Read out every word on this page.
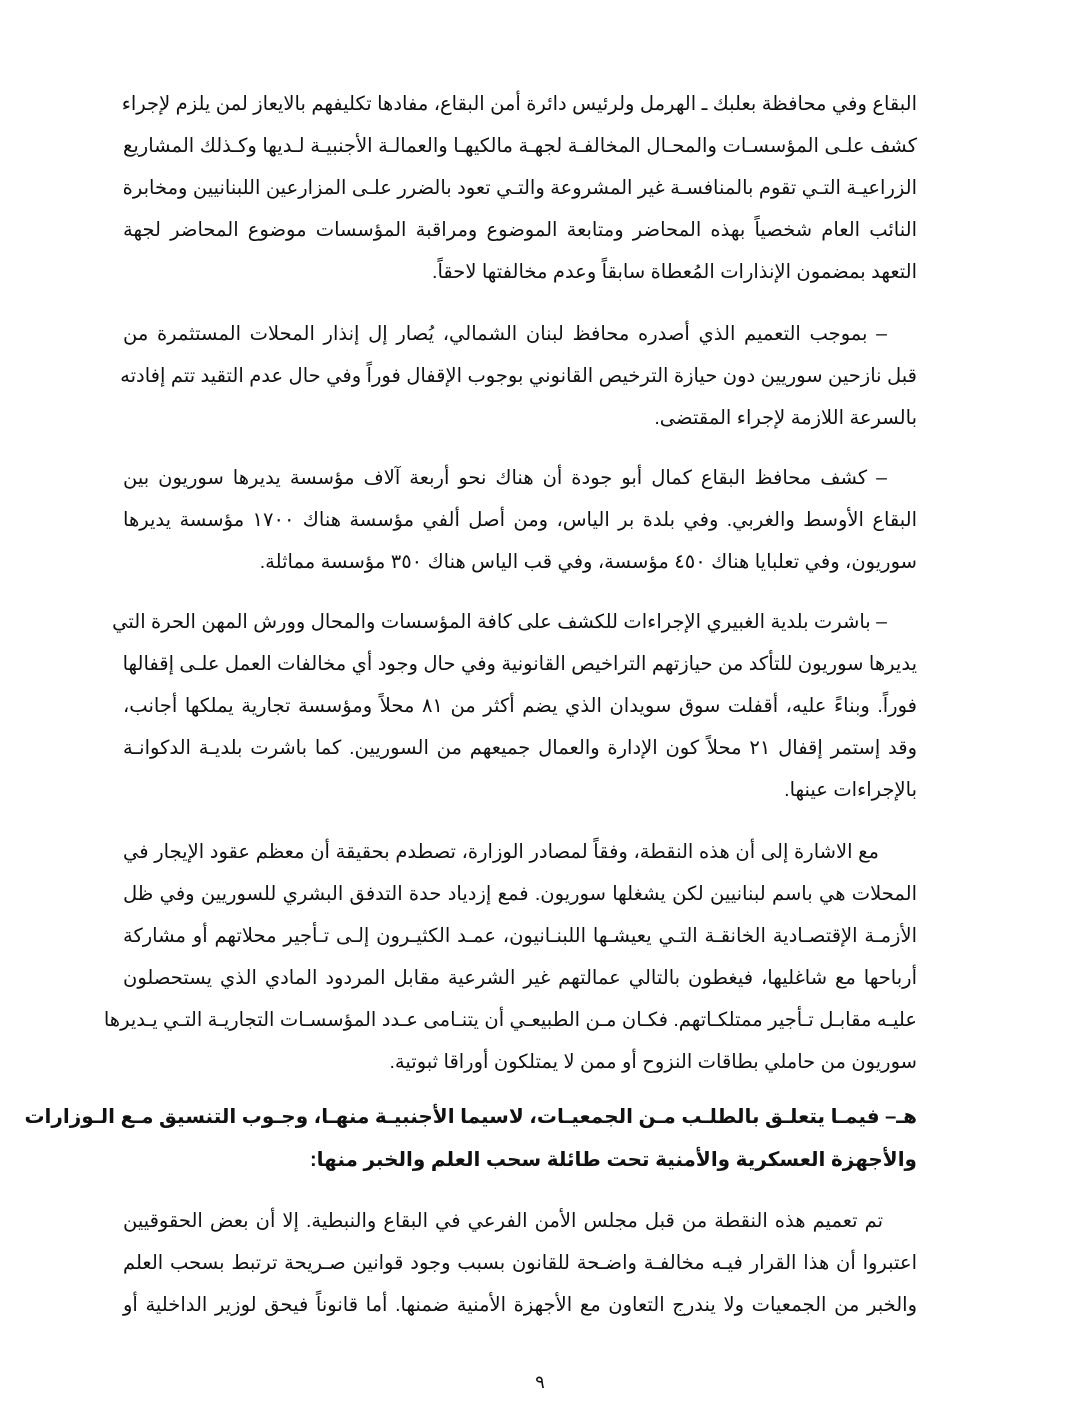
البقاع وفي محافظة بعلبك ـ الهرمل ولرئيس دائرة أمن البقاع، مفادها تكليفهم بالايعاز لمن يلزم لإجراء
كشف علـى المؤسسـات والمحـال المخالفـة لجهـة مالكيهـا والعمالـة الأجنبيـة لـديها وكـذلك المشاريع
الزراعيـة التـي تقوم بالمنافسـة غير المشروعة والتـي تعود بالضرر علـى المزارعين اللبنانيين ومخابرة
النائب العام شخصياً بهذه المحاضر ومتابعة الموضوع ومراقبة المؤسسات موضوع المحاضر لجهة
التعهد بمضمون الإنذارات المُعطاة سابقاً وعدم مخالفتها لاحقاً.
– بموجب التعميم الذي أصدره محافظ لبنان الشمالي، يُصار إل إنذار المحلات المستثمرة من
قبل نازحين سوريين دون حيازة الترخيص القانوني بوجوب الإقفال فوراً وفي حال عدم التقيد تتم إفادته
بالسرعة اللازمة لإجراء المقتضى.
– كشف محافظ البقاع كمال أبو جودة أن هناك نحو أربعة آلاف مؤسسة يديرها سوريون بين
البقاع الأوسط والغربي. وفي بلدة بر الياس، ومن أصل ألفي مؤسسة هناك ١٧٠٠ مؤسسة يديرها
سوريون، وفي تعلبايا هناك ٤٥٠ مؤسسة، وفي قب الياس هناك ٣٥٠ مؤسسة مماثلة.
– باشرت بلدية الغبيري الإجراءات للكشف على كافة المؤسسات والمحال وورش المهن الحرة التي
يديرها سوريون للتأكد من حيازتهم التراخيص القانونية وفي حال وجود أي مخالفات العمل علـى إقفالها
فوراً. وبناءً عليه، أقفلت سوق سويدان الذي يضم أكثر من ٨١ محلاً ومؤسسة تجارية يملكها أجانب،
وقد إستمر إقفال ٢١ محلاً كون الإدارة والعمال جميعهم من السوريين. كما باشرت بلديـة الدكوانـة
بالإجراءات عينها.
مع الاشارة إلى أن هذه النقطة، وفقاً لمصادر الوزارة، تصطدم بحقيقة أن معظم عقود الإيجار في
المحلات هي باسم لبنانيين لكن يشغلها سوريون. فمع إزدياد حدة التدفق البشري للسوريين وفي ظل
الأزمـة الإقتصـادية الخانقـة التـي يعيشـها اللبنـانيون، عمـد الكثيـرون إلـى تـأجير محلاتهم أو مشاركة
أرباحها مع شاغليها، فيغطون بالتالي عمالتهم غير الشرعية مقابل المردود المادي الذي يستحصلون
عليـه مقابـل تـأجير ممتلكـاتهم. فكـان مـن الطبيعـي أن يتنـامى عـدد المؤسسـات التجاريـة التـي يـديرها
سوريون من حاملي بطاقات النزوح أو ممن لا يمتلكون أوراقا ثبوتية.
هـ– فيمـا يتعلـق بالطلـب مـن الجمعيـات، لاسيما الأجنبيـة منهـا، وجـوب التنسيق مـع الـوزارات
والأجهزة العسكرية والأمنية تحت طائلة سحب العلم والخبر منها:
تم تعميم هذه النقطة من قبل مجلس الأمن الفرعي في البقاع والنبطية. إلا أن بعض الحقوقيين
اعتبروا أن هذا القرار فيـه مخالفـة واضـحة للقانون بسبب وجود قوانين صـريحة ترتبط بسحب العلم
والخبر من الجمعيات ولا يندرج التعاون مع الأجهزة الأمنية ضمنها. أما قانوناً فيحق لوزير الداخلية أو
٩
